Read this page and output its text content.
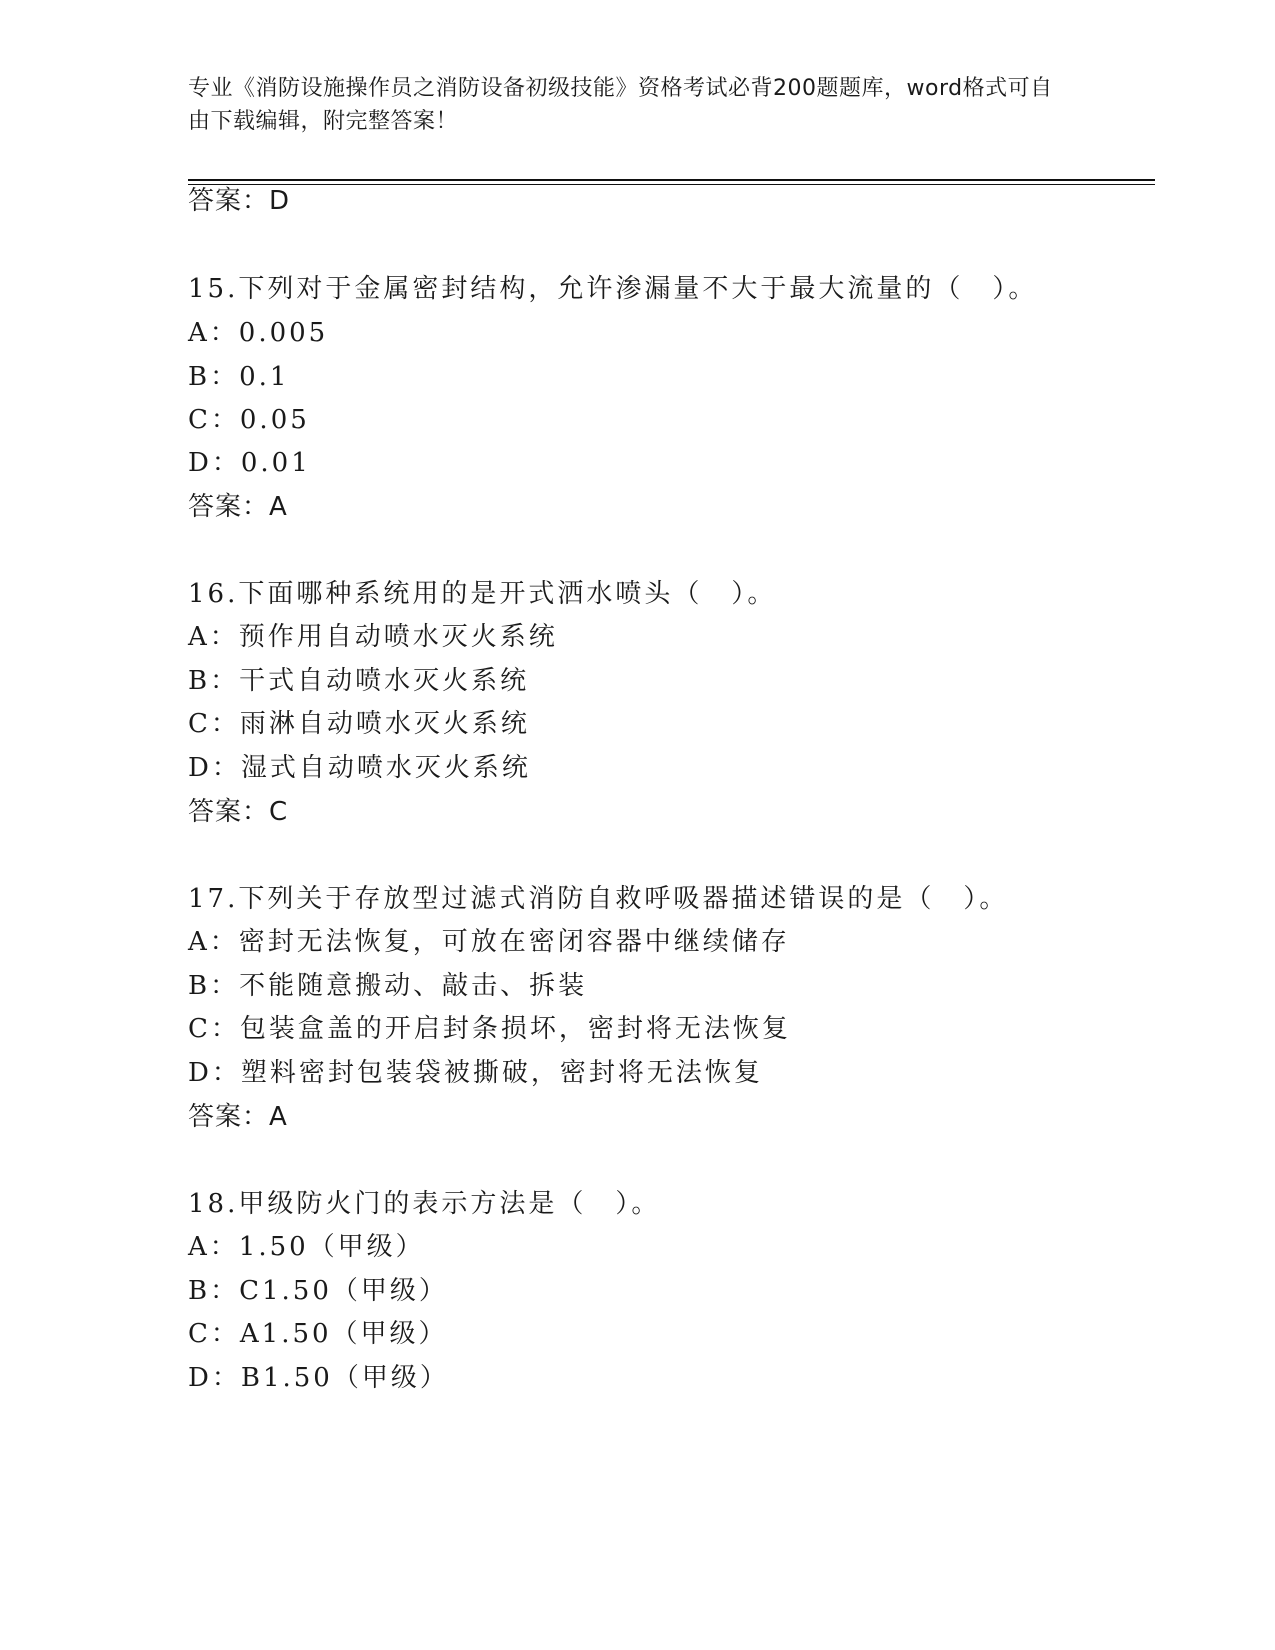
专业《消防设施操作员之消防设备初级技能》资格考试必背200题题库，word格式可自由下载编辑，附完整答案！
答案：D
15.下列对于金属密封结构，允许渗漏量不大于最大流量的（　）。
A：0.005
B：0.1
C：0.05
D：0.01
答案：A
16.下面哪种系统用的是开式洒水喷头（　）。
A：预作用自动喷水灭火系统
B：干式自动喷水灭火系统
C：雨淋自动喷水灭火系统
D：湿式自动喷水灭火系统
答案：C
17.下列关于存放型过滤式消防自救呼吸器描述错误的是（　）。
A：密封无法恢复，可放在密闭容器中继续储存
B：不能随意搬动、敲击、拆装
C：包装盒盖的开启封条损坏，密封将无法恢复
D：塑料密封包装袋被撕破，密封将无法恢复
答案：A
18.甲级防火门的表示方法是（　）。
A：1.50（甲级）
B：C1.50（甲级）
C：A1.50（甲级）
D：B1.50（甲级）
